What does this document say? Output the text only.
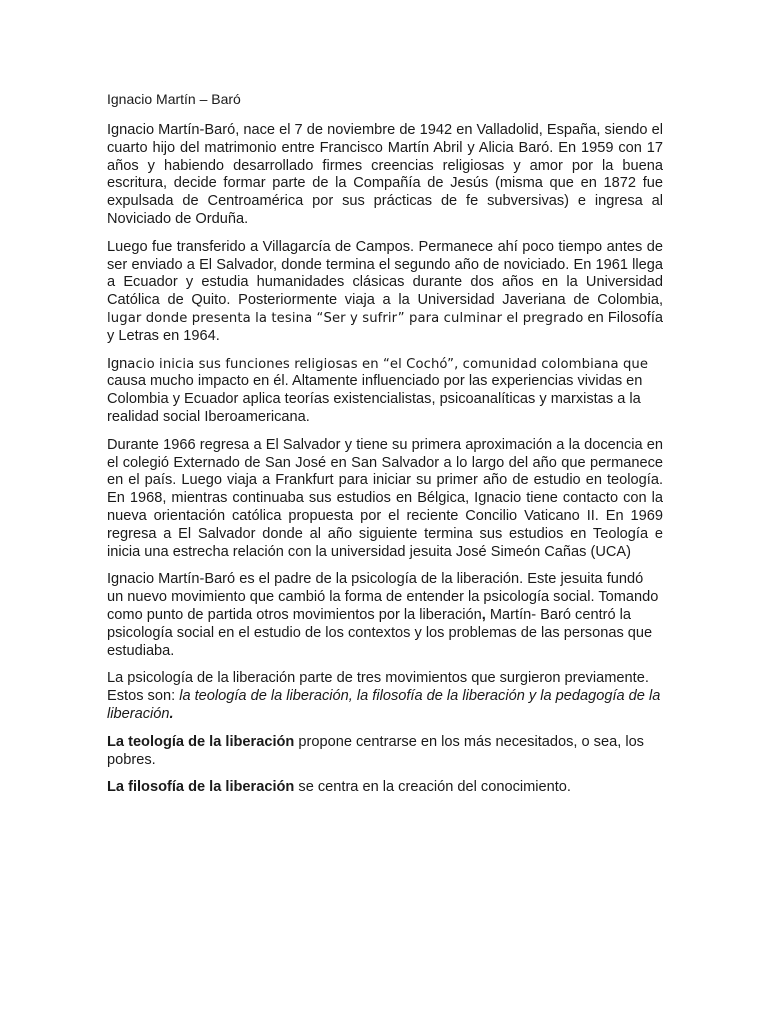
Ignacio Martín – Baró

Ignacio Martín-Baró, nace el 7 de noviembre de 1942 en Valladolid, España, siendo el cuarto hijo del matrimonio entre Francisco Martín Abril y Alicia Baró. En 1959 con 17 años y habiendo desarrollado firmes creencias religiosas y amor por la buena escritura, decide formar parte de la Compañía de Jesús (misma que en 1872 fue expulsada de Centroamérica por sus prácticas de fe subversivas) e ingresa al Noviciado de Orduña.

Luego fue transferido a Villagarcía de Campos. Permanece ahí poco tiempo antes de ser enviado a El Salvador, donde termina el segundo año de noviciado. En 1961 llega a Ecuador y estudia humanidades clásicas durante dos años en la Universidad Católica de Quito. Posteriormente viaja a la Universidad Javeriana de Colombia, lugar donde presenta la tesina “Ser y sufrir” para culminar el pregrado en Filosofía y Letras en 1964.

Ignacio inicia sus funciones religiosas en “el Cochó”, comunidad colombiana que causa mucho impacto en él. Altamente influenciado por las experiencias vividas en Colombia y Ecuador aplica teorías existencialistas, psicoanalíticas y marxistas a la realidad social Iberoamericana.

Durante 1966 regresa a El Salvador y tiene su primera aproximación a la docencia en el colegió Externado de San José en San Salvador a lo largo del año que permanece en el país. Luego viaja a Frankfurt para iniciar su primer año de estudio en teología. En 1968, mientras continuaba sus estudios en Bélgica, Ignacio tiene contacto con la nueva orientación católica propuesta por el reciente Concilio Vaticano II. En 1969 regresa a El Salvador donde al año siguiente termina sus estudios en Teología e inicia una estrecha relación con la universidad jesuita José Simeón Cañas (UCA)

Ignacio Martín-Baró es el padre de la psicología de la liberación. Este jesuita fundó un nuevo movimiento que cambió la forma de entender la psicología social. Tomando como punto de partida otros movimientos por la liberación, Martín- Baró centró la psicología social en el estudio de los contextos y los problemas de las personas que estudiaba.

La psicología de la liberación parte de tres movimientos que surgieron previamente. Estos son: la teología de la liberación, la filosofía de la liberación y la pedagogía de la liberación.

La teología de la liberación propone centrarse en los más necesitados, o sea, los pobres.

La filosofía de la liberación se centra en la creación del conocimiento.
